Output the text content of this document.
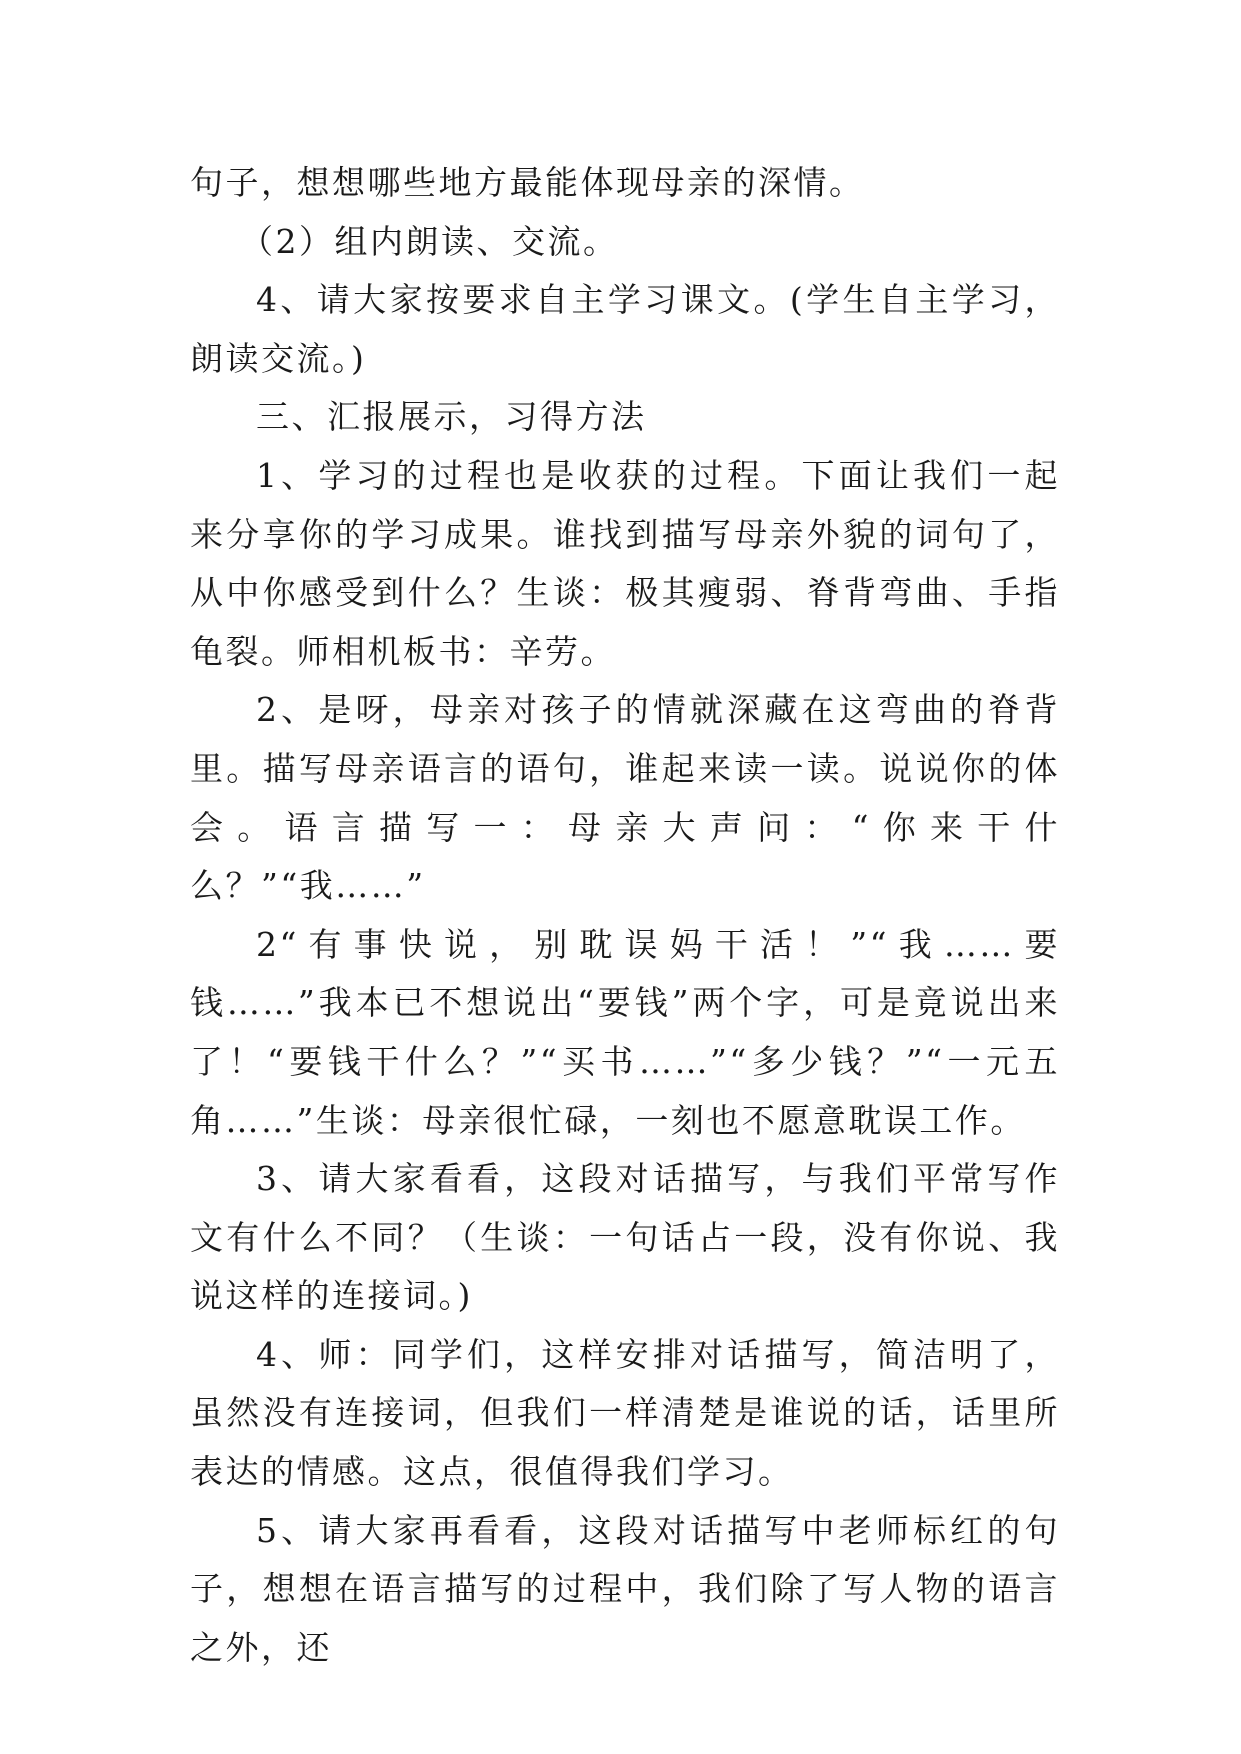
句子，想想哪些地方最能体现母亲的深情。

（2）组内朗读、交流。

4、请大家按要求自主学习课文。(学生自主学习，朗读交流。)

三、汇报展示，习得方法

1、学习的过程也是收获的过程。下面让我们一起来分享你的学习成果。谁找到描写母亲外貌的词句了，从中你感受到什么？生谈：极其瘦弱、脊背弯曲、手指龟裂。师相机板书：辛劳。

2、是呀，母亲对孩子的情就深藏在这弯曲的脊背里。描写母亲语言的语句，谁起来读一读。说说你的体会。语言描写一：母亲大声问：“你来干什么？”“我……”

2“有事快说，别耽误妈干活！”“我……要钱……”我本已不想说出“要钱”两个字，可是竟说出来了！“要钱干什么？”“买书……”“多少钱？”“一元五角……”生谈：母亲很忙碌，一刻也不愿意耽误工作。

3、请大家看看，这段对话描写，与我们平常写作文有什么不同？（生谈：一句话占一段，没有你说、我说这样的连接词。)

4、师：同学们，这样安排对话描写，简洁明了，虽然没有连接词，但我们一样清楚是谁说的话，话里所表达的情感。这点，很值得我们学习。

5、请大家再看看，这段对话描写中老师标红的句子，想想在语言描写的过程中，我们除了写人物的语言之外，还
